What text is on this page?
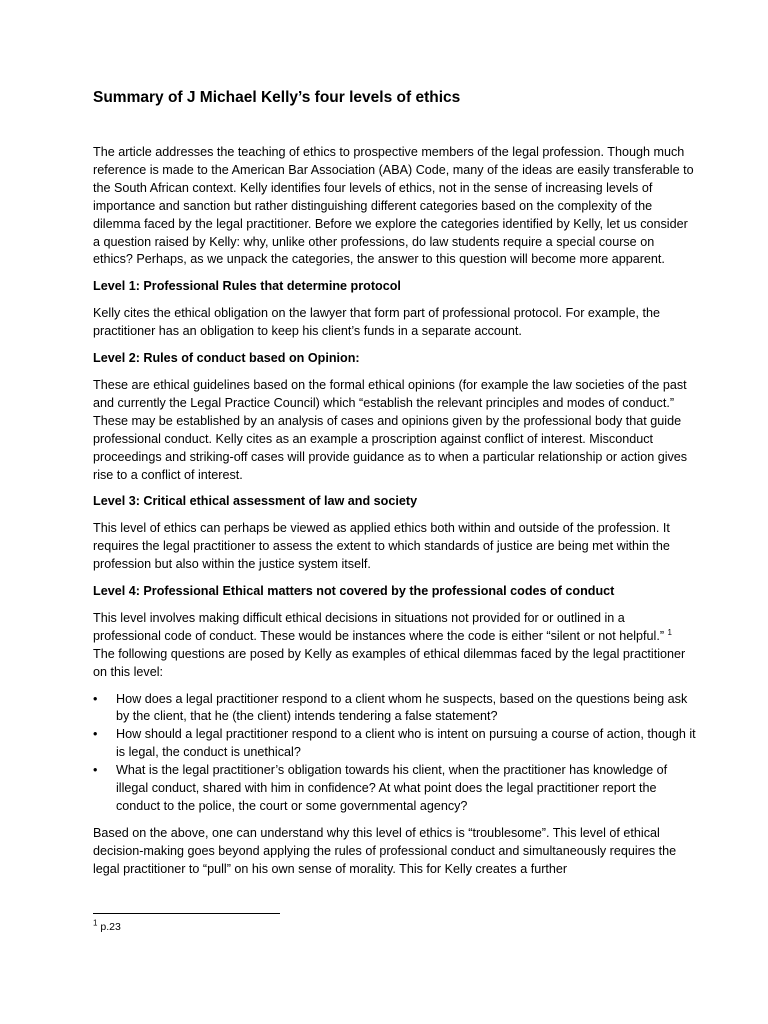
Summary of J Michael Kelly’s four levels of ethics

The article addresses the teaching of ethics to prospective members of the legal profession. Though much reference is made to the American Bar Association (ABA) Code, many of the ideas are easily transferable to the South African context. Kelly identifies four levels of ethics, not in the sense of increasing levels of importance and sanction but rather distinguishing different categories based on the complexity of the dilemma faced by the legal practitioner. Before we explore the categories identified by Kelly, let us consider a question raised by Kelly: why, unlike other professions, do law students require a special course on ethics? Perhaps, as we unpack the categories, the answer to this question will become more apparent.

Level 1: Professional Rules that determine protocol

Kelly cites the ethical obligation on the lawyer that form part of professional protocol. For example, the practitioner has an obligation to keep his client’s funds in a separate account.

Level 2: Rules of conduct based on Opinion:

These are ethical guidelines based on the formal ethical opinions (for example the law societies of the past and currently the Legal Practice Council) which “establish the relevant principles and modes of conduct.” These may be established by an analysis of cases and opinions given by the professional body that guide professional conduct. Kelly cites as an example a proscription against conflict of interest. Misconduct proceedings and striking-off cases will provide guidance as to when a particular relationship or action gives rise to a conflict of interest.

Level 3: Critical ethical assessment of law and society

This level of ethics can perhaps be viewed as applied ethics both within and outside of the profession. It requires the legal practitioner to assess the extent to which standards of justice are being met within the profession but also within the justice system itself.

Level 4: Professional Ethical matters not covered by the professional codes of conduct

This level involves making difficult ethical decisions in situations not provided for or outlined in a professional code of conduct. These would be instances where the code is either “silent or not helpful.” $^1$ The following questions are posed by Kelly as examples of ethical dilemmas faced by the legal practitioner on this level:

•	How does a legal practitioner respond to a client whom he suspects, based on the questions being ask by the client, that he (the client) intends tendering a false statement?
•	How should a legal practitioner respond to a client who is intent on pursuing a course of action, though it is legal, the conduct is unethical?
•	What is the legal practitioner’s obligation towards his client, when the practitioner has knowledge of illegal conduct, shared with him in confidence? At what point does the legal practitioner report the conduct to the police, the court or some governmental agency?

Based on the above, one can understand why this level of ethics is “troublesome”. This level of ethical decision-making goes beyond applying the rules of professional conduct and simultaneously requires the legal practitioner to “pull” on his own sense of morality. This for Kelly creates a further

$^1$ p.23
